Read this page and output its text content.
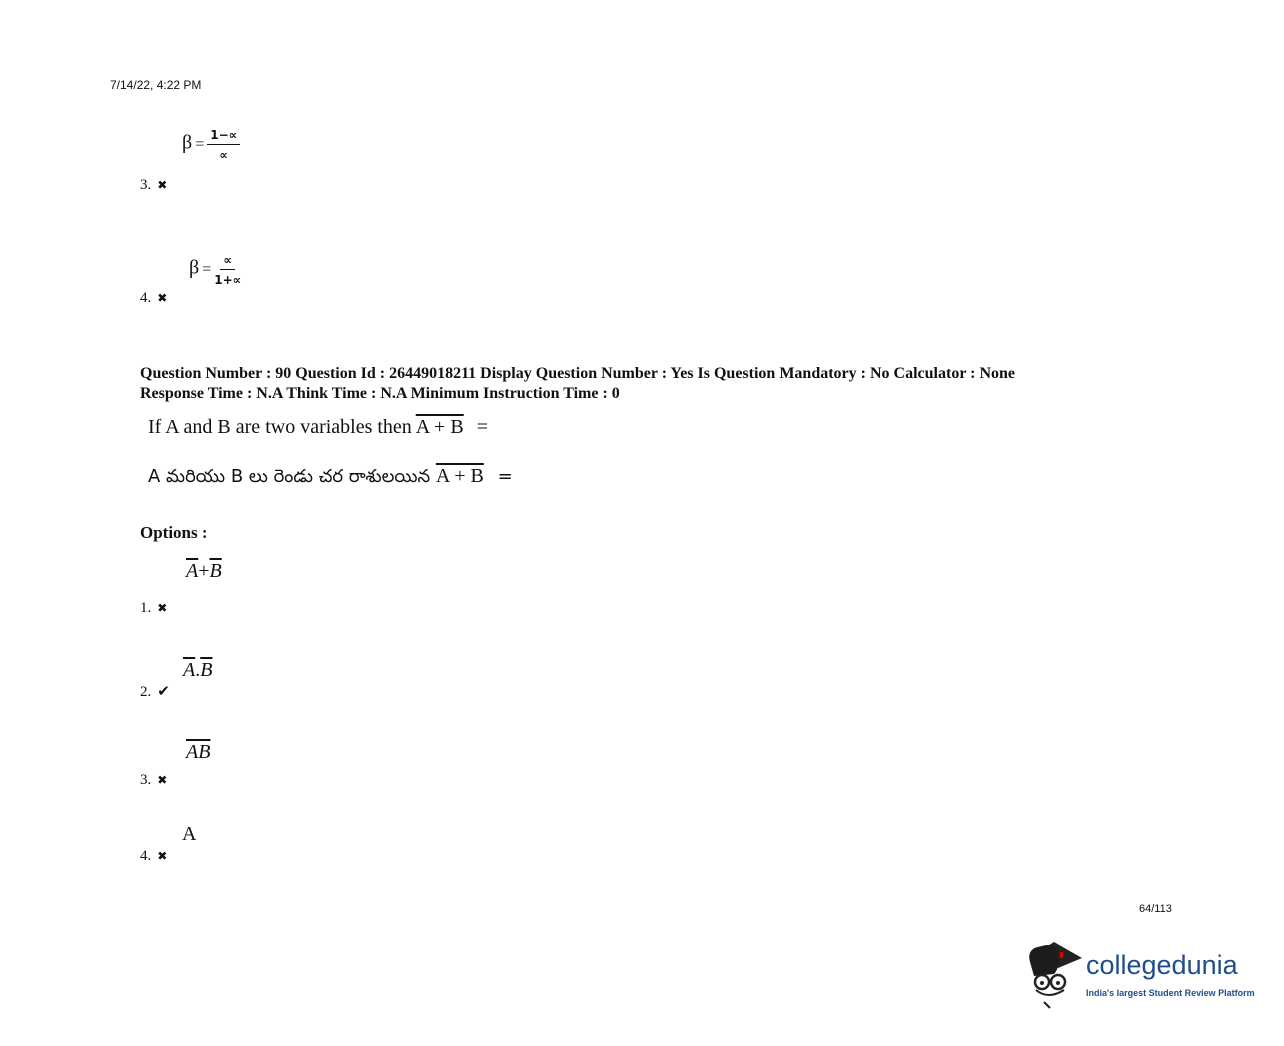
7/14/22, 4:22 PM
$\beta = \frac{1-\propto}{\propto}$
3. ✖
$\beta = \frac{\propto}{1+\propto}$
4. ✖
Question Number : 90 Question Id : 26449018211 Display Question Number : Yes Is Question Mandatory : No Calculator : None
Response Time : N.A Think Time : N.A Minimum Instruction Time : 0
If A and B are two variables then A + B =
A మరియు B లు రెండు చర రాశులయిన A + B =
Options :
$\overline{A}+\overline{B}$
1. ✖
$\overline{A}.\overline{B}$
2. ✔
$\overline{AB}$
3. ✖
A
4. ✖
64/113
collegedunia
India's largest Student Review Platform
